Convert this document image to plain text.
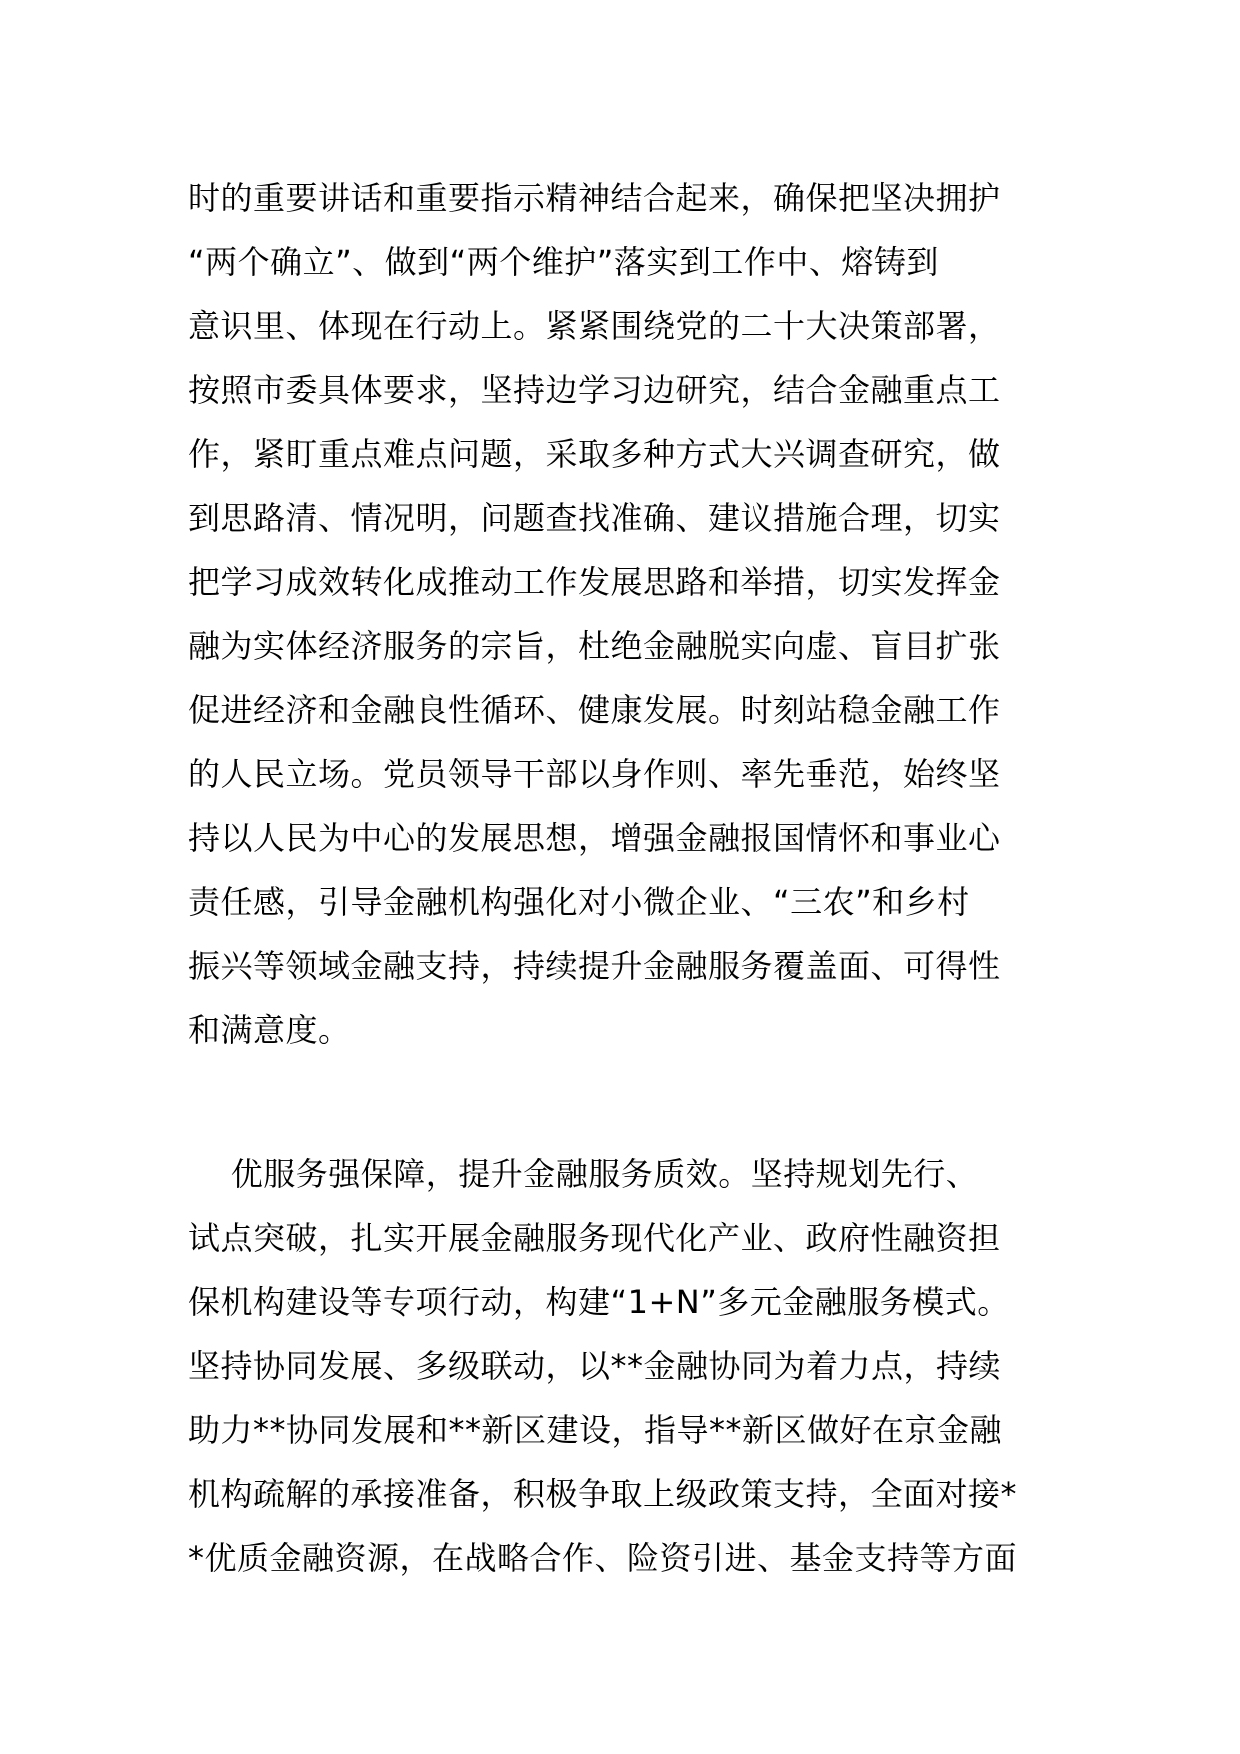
时的重要讲话和重要指示精神结合起来，确保把坚决拥护
“两个确立”、做到“两个维护”落实到工作中、熔铸到
意识里、体现在行动上。紧紧围绕党的二十大决策部署，
按照市委具体要求，坚持边学习边研究，结合金融重点工
作，紧盯重点难点问题，采取多种方式大兴调查研究，做
到思路清、情况明，问题查找准确、建议措施合理，切实
把学习成效转化成推动工作发展思路和举措，切实发挥金
融为实体经济服务的宗旨，杜绝金融脱实向虚、盲目扩张
促进经济和金融良性循环、健康发展。时刻站稳金融工作
的人民立场。党员领导干部以身作则、率先垂范，始终坚
持以人民为中心的发展思想，增强金融报国情怀和事业心
责任感，引导金融机构强化对小微企业、“三农”和乡村
振兴等领域金融支持，持续提升金融服务覆盖面、可得性
和满意度。
优服务强保障，提升金融服务质效。坚持规划先行、
试点突破，扎实开展金融服务现代化产业、政府性融资担
保机构建设等专项行动，构建“1+N”多元金融服务模式。
坚持协同发展、多级联动，以**金融协同为着力点，持续
助力**协同发展和**新区建设，指导**新区做好在京金融
机构疏解的承接准备，积极争取上级政策支持，全面对接*
*优质金融资源，在战略合作、险资引进、基金支持等方面
